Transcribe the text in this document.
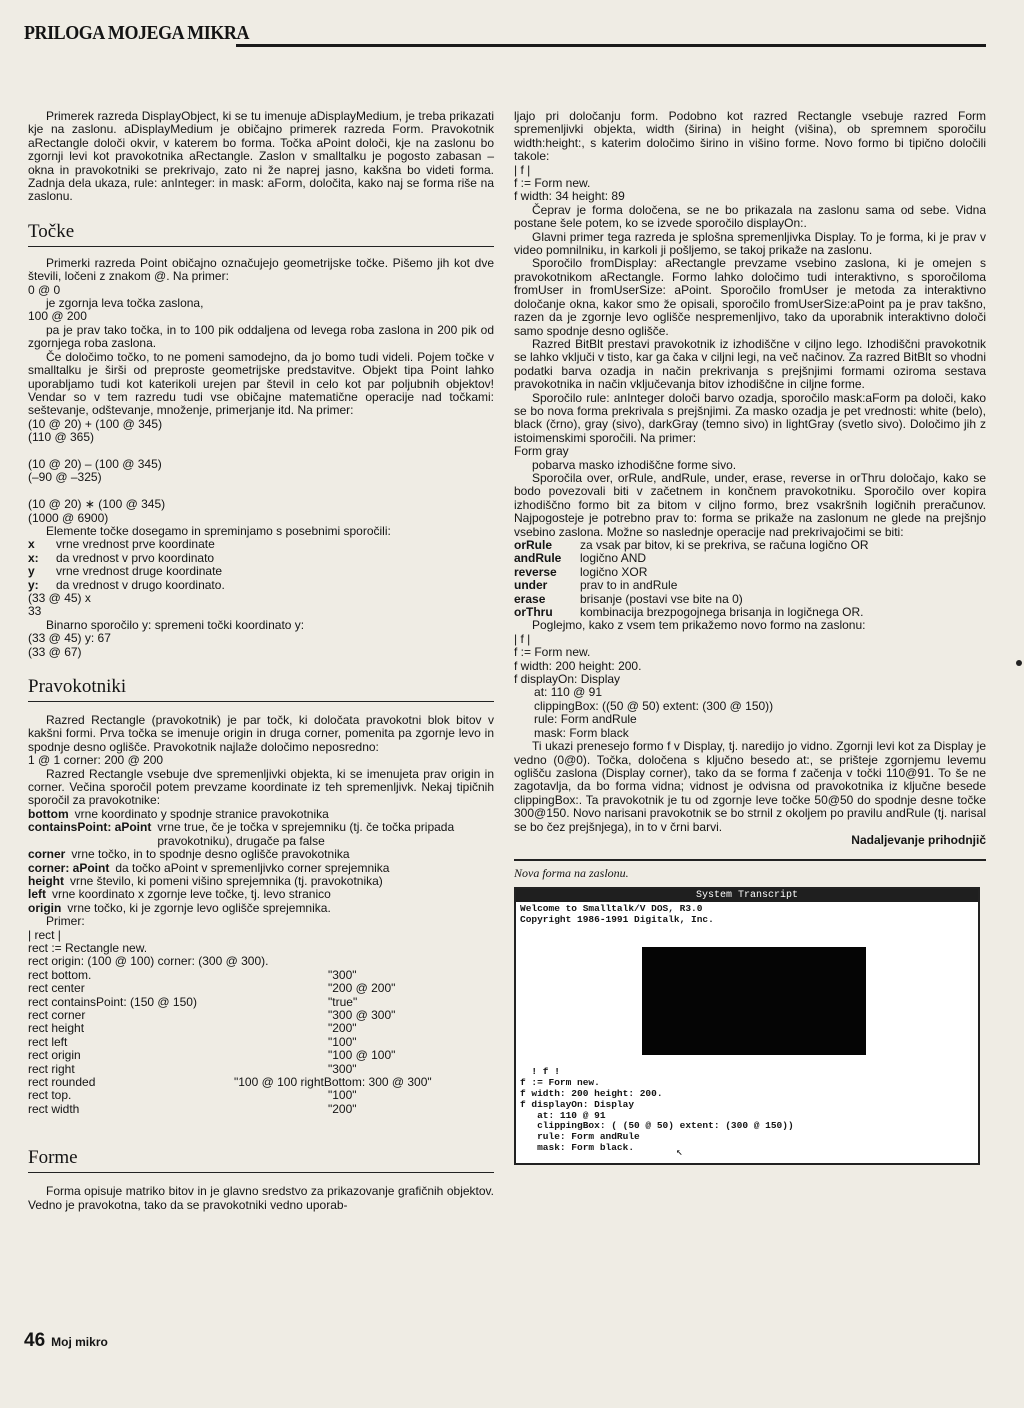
PRILOGA MOJEGA MIKRA

Primerek razreda DisplayObject, ki se tu imenuje aDisplayMedium, je treba prikazati kje na zaslonu. aDisplayMedium je običajno primerek razreda Form. Pravokotnik aRectangle določi okvir, v katerem bo forma. Točka aPoint določi, kje na zaslonu bo zgornji levi kot pravokotnika aRectangle. Zaslon v smalltalku je pogosto zabasan – okna in pravokotniki se prekrivajo, zato ni že naprej jasno, kakšna bo videti forma. Zadnja dela ukaza, rule: anInteger: in mask: aForm, določita, kako naj se forma riše na zaslonu.

Točke

Primerki razreda Point običajno označujejo geometrijske točke. Pišemo jih kot dve števili, ločeni z znakom @. Na primer:

0 @ 0

je zgornja leva točka zaslona,

100 @ 200

pa je prav tako točka, in to 100 pik oddaljena od levega roba zaslona in 200 pik od zgornjega roba zaslona.

Če določimo točko, to ne pomeni samodejno, da jo bomo tudi videli. Pojem točke v smalltalku je širši od preproste geometrijske predstavitve. Objekt tipa Point lahko uporabljamo tudi kot katerikoli urejen par števil in celo kot par poljubnih objektov! Vendar so v tem razredu tudi vse običajne matematične operacije nad točkami: seštevanje, odštevanje, množenje, primerjanje itd. Na primer:

(10 @ 20) + (100 @ 345)
(110 @ 365)

(10 @ 20) – (100 @ 345)
(–90 @ –325)

(10 @ 20) ∗ (100 @ 345)
(1000 @ 6900)

Elemente točke dosegamo in spreminjamo s posebnimi sporočili:

x	vrne vrednost prve koordinate
x:	da vrednost v prvo koordinato
y	vrne vrednost druge koordinate
y:	da vrednost v drugo koordinato.

(33 @ 45) x
33

Binarno sporočilo y: spremeni točki koordinato y:

(33 @ 45) y: 67
(33 @ 67)

Pravokotniki

Razred Rectangle (pravokotnik) je par točk, ki določata pravokotni blok bitov v kakšni formi. Prva točka se imenuje origin in druga corner, pomenita pa zgornje levo in spodnje desno oglišče. Pravokotnik najlaže določimo neposredno:

1 @ 1 corner: 200 @ 200

Razred Rectangle vsebuje dve spremenljivki objekta, ki se imenujeta prav origin in corner. Večina sporočil potem prevzame koordinate iz teh spremenljivk. Nekaj tipičnih sporočil za pravokotnike:

bottom vrne koordinato y spodnje stranice pravokotnika
containsPoint: aPoint vrne true, če je točka v sprejemniku (tj. če točka pripada pravokotniku), drugače pa false
corner vrne točko, in to spodnje desno oglišče pravokotnika
corner: aPoint da točko aPoint v spremenljivko corner sprejemnika
height vrne število, ki pomeni višino sprejemnika (tj. pravokotnika)
left vrne koordinato x zgornje leve točke, tj. levo stranico
origin vrne točko, ki je zgornje levo oglišče sprejemnika.

Primer:

| rect |
rect := Rectangle new.
rect origin: (100 @ 100) corner: (300 @ 300).

rect bottom.	"300"
rect center	"200 @ 200"
rect containsPoint: (150 @ 150)	"true"
rect corner	"300 @ 300"
rect height	"200"
rect left	"100"
rect origin	"100 @ 100"
rect right	"300"
rect rounded	"100 @ 100 rightBottom: 300 @ 300"
rect top.	"100"
rect width	"200"
Forme

Forma opisuje matriko bitov in je glavno sredstvo za prikazovanje grafičnih objektov. Vedno je pravokotna, tako da se pravokotniki vedno uporab-

ljajo pri določanju form. Podobno kot razred Rectangle vsebuje razred Form spremenljivki objekta, width (širina) in height (višina), ob spremnem sporočilu width:height:, s katerim določimo širino in višino forme. Novo formo bi tipično določili takole:

| f |
f := Form new.
f width: 34 height: 89

Čeprav je forma določena, se ne bo prikazala na zaslonu sama od sebe. Vidna postane šele potem, ko se izvede sporočilo displayOn:.

Glavni primer tega razreda je splošna spremenljivka Display. To je forma, ki je prav v video pomnilniku, in karkoli ji pošljemo, se takoj prikaže na zaslonu.

Sporočilo fromDisplay: aRectangle prevzame vsebino zaslona, ki je omejen s pravokotnikom aRectangle. Formo lahko določimo tudi interaktivno, s sporočiloma fromUser in fromUserSize: aPoint. Sporočilo fromUser je metoda za interaktivno določanje okna, kakor smo že opisali, sporočilo fromUserSize:aPoint pa je prav takšno, razen da je zgornje levo oglišče nespremenljivo, tako da uporabnik interaktivno določi samo spodnje desno oglišče.

Razred BitBlt prestavi pravokotnik iz izhodiščne v ciljno lego. Izhodiščni pravokotnik se lahko vključi v tisto, kar ga čaka v ciljni legi, na več načinov. Za razred BitBlt so vhodni podatki barva ozadja in način prekrivanja s prejšnjimi formami oziroma sestava pravokotnika in način vključevanja bitov izhodiščne in ciljne forme.

Sporočilo rule: anInteger določi barvo ozadja, sporočilo mask:aForm pa določi, kako se bo nova forma prekrivala s prejšnjimi. Za masko ozadja je pet vrednosti: white (belo), black (črno), gray (sivo), darkGray (temno sivo) in lightGray (svetlo sivo). Določimo jih z istoimenskimi sporočili. Na primer:

Form gray

pobarva masko izhodiščne forme sivo.

Sporočila over, orRule, andRule, under, erase, reverse in orThru določajo, kako se bodo povezovali biti v začetnem in končnem pravokotniku. Sporočilo over kopira izhodiščno formo bit za bitom v ciljno formo, brez vsakršnih logičnih preračunov. Najpogosteje je potrebno prav to: forma se prikaže na zaslonum ne glede na prejšnjo vsebino zaslona. Možne so naslednje operacije nad prekrivajočimi se biti:

orRule	za vsak par bitov, ki se prekriva, se računa logično OR
andRule	logično AND
reverse	logično XOR
under	prav to in andRule
erase	brisanje (postavi vse bite na 0)
orThru	kombinacija brezpogojnega brisanja in logičnega OR.

Poglejmo, kako z vsem tem prikažemo novo formo na zaslonu:

| f |
f := Form new.
f width: 200 height: 200.
f displayOn: Display
at: 110 @ 91
clippingBox: ((50 @ 50) extent: (300 @ 150))
rule: Form andRule
mask: Form black

Ti ukazi prenesejo formo f v Display, tj. naredijo jo vidno. Zgornji levi kot za Display je vedno (0@0). Točka, določena s ključno besedo at:, se prišteje zgornjemu levemu oglišču zaslona (Display corner), tako da se forma f začenja v točki 110@91. To še ne zagotavlja, da bo forma vidna; vidnost je odvisna od pravokotnika iz ključne besede clippingBox:. Ta pravokotnik je tu od zgornje leve točke 50@50 do spodnje desne točke 300@150. Novo narisani pravokotnik se bo strnil z okoljem po pravilu andRule (tj. narisal se bo čez prejšnjega), in to v črni barvi.

Nadaljevanje prihodnjič

Nova forma na zaslonu.
System Transcript
Welcome to Smalltalk/V DOS, R3.0
Copyright 1986-1991 Digitalk, Inc.
! f !
f := Form new.
f width: 200 height: 200.
f displayOn: Display
at: 110 @ 91
clippingBox: ( (50 @ 50) extent: (300 @ 150))
rule: Form andRule
mask: Form black.	↖
46 Moj mikro
